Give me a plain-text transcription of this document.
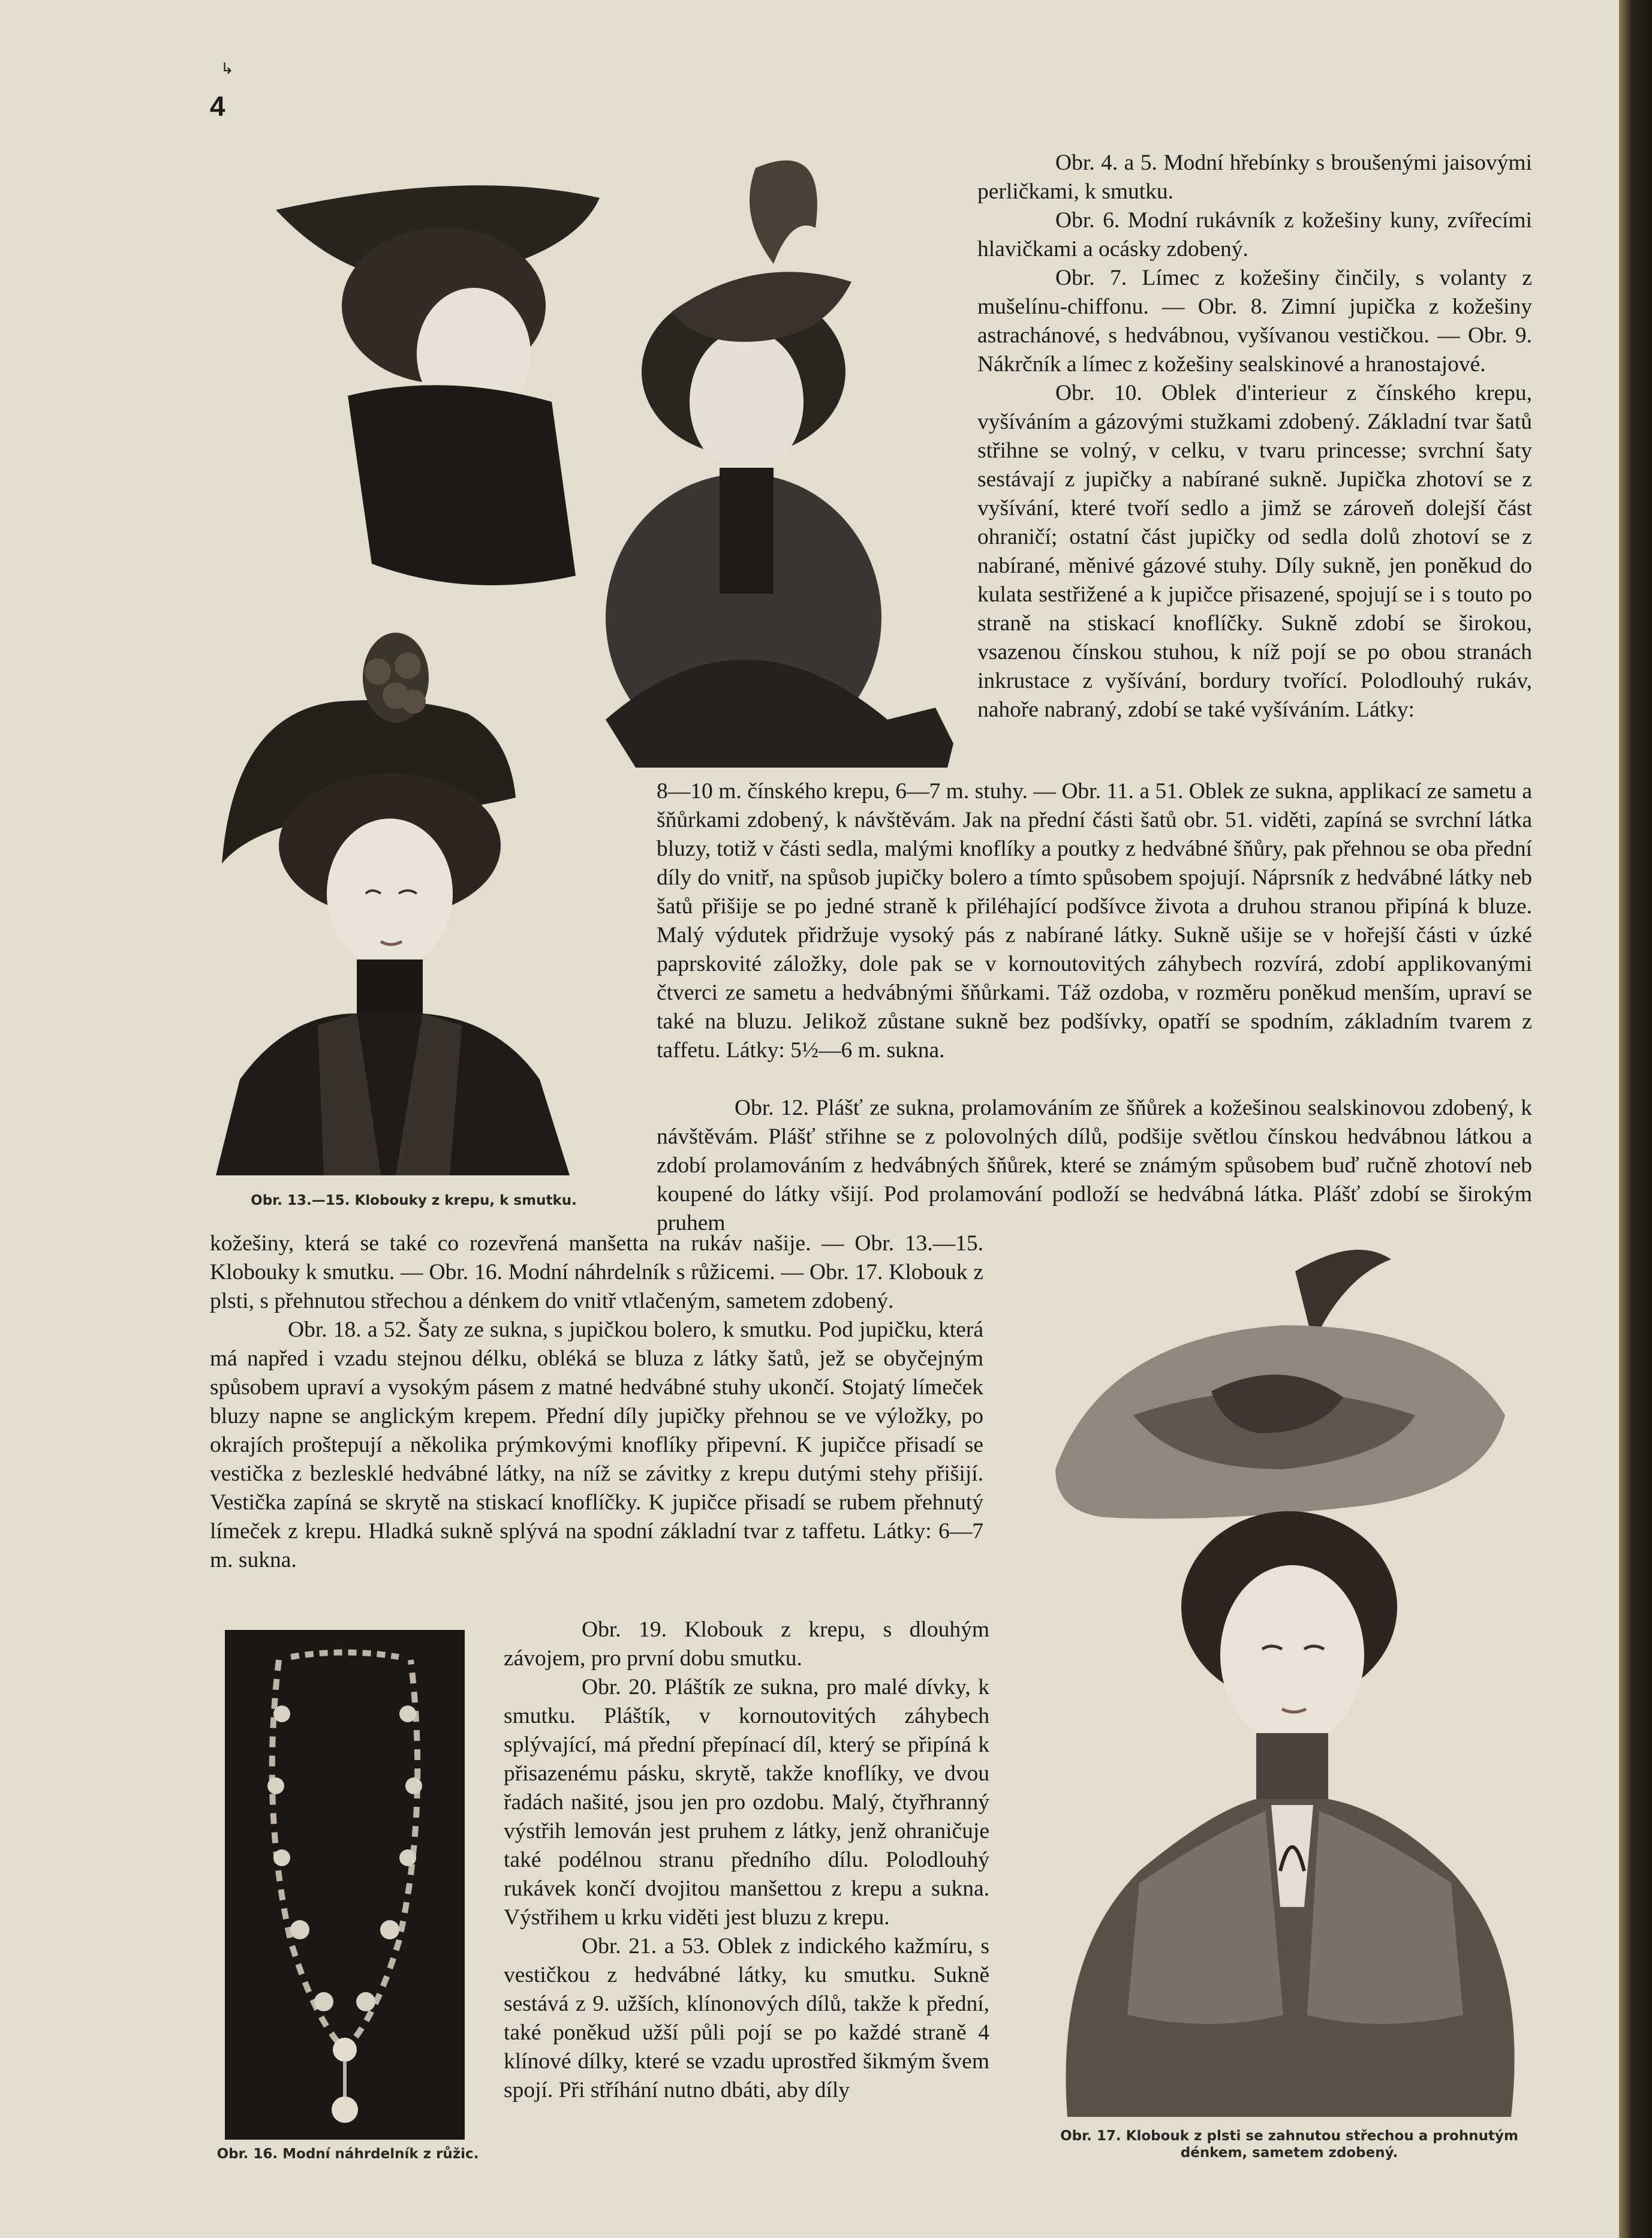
↳
4
Obr. 13.—15. Klobouky z krepu, k smutku.

Obr. 4. a 5. Modní hřebínky s broušenými jaisovými perličkami, k smutku.

Obr. 6. Modní rukávník z kožešiny kuny, zvířecími hlavičkami a ocásky zdobený.

Obr. 7. Límec z kožešiny činčily, s volanty z mušelínu-chiffonu. — Obr. 8. Zimní jupička z kožešiny astrachánové, s hedvábnou, vyšívanou vestičkou. — Obr. 9. Nákrčník a límec z kožešiny sealskinové a hranostajové.

Obr. 10. Oblek d'interieur z čínského krepu, vyšíváním a gázovými stužkami zdobený. Základní tvar šatů střihne se volný, v celku, v tvaru princesse; svrchní šaty sestávají z jupičky a nabírané sukně. Jupička zhotoví se z vyšívání, které tvoří sedlo a jimž se zároveň dolejší část ohraničí; ostatní část jupičky od sedla dolů zhotoví se z nabírané, měnivé gázové stuhy. Díly sukně, jen poněkud do kulata sestřižené a k jupičce přisazené, spojují se i s touto po straně na stiskací knoflíčky. Sukně zdobí se širokou, vsazenou čínskou stuhou, k níž pojí se po obou stranách inkrustace z vyšívání, bordury tvořící. Polodlouhý rukáv, nahoře nabraný, zdobí se také vyšíváním. Látky:

8—10 m. čínského krepu, 6—7 m. stuhy. — Obr. 11. a 51. Oblek ze sukna, applikací ze sametu a šňůrkami zdobený, k návštěvám. Jak na přední části šatů obr. 51. viděti, zapíná se svrchní látka bluzy, totiž v části sedla, malými knoflíky a poutky z hedvábné šňůry, pak přehnou se oba přední díly do vnitř, na spůsob jupičky bolero a tímto spůsobem spojují. Náprsník z hedvábné látky neb šatů přišije se po jedné straně k přiléhající podšívce života a druhou stranou připíná k bluze. Malý výdutek přidržuje vysoký pás z nabírané látky. Sukně ušije se v hořejší části v úzké paprskovité záložky, dole pak se v kornoutovitých záhybech rozvírá, zdobí applikovanými čtverci ze sametu a hedvábnými šňůrkami. Táž ozdoba, v rozměru poněkud menším, upraví se také na bluzu. Jelikož zůstane sukně bez podšívky, opatří se spodním, základním tvarem z taffetu. Látky: 5½—6 m. sukna.

Obr. 12. Plášť ze sukna, prolamováním ze šňůrek a kožešinou sealskinovou zdobený, k návštěvám. Plášť střihne se z polovolných dílů, podšije světlou čínskou hedvábnou látkou a zdobí prolamováním z hedvábných šňůrek, které se známým spůsobem buď ručně zhotoví neb koupené do látky všijí. Pod prolamování podloží se hedvábná látka. Plášť zdobí se širokým pruhem

kožešiny, která se také co rozevřená manšetta na rukáv našije. — Obr. 13.—15. Klobouky k smutku. — Obr. 16. Modní náhrdelník s růžicemi. — Obr. 17. Klobouk z plsti, s přehnutou střechou a dénkem do vnitř vtlačeným, sametem zdobený.

Obr. 18. a 52. Šaty ze sukna, s jupičkou bolero, k smutku. Pod jupičku, která má napřed i vzadu stejnou délku, obléká se bluza z látky šatů, jež se obyčejným spůsobem upraví a vysokým pásem z matné hedvábné stuhy ukončí. Stojatý límeček bluzy napne se anglickým krepem. Přední díly jupičky přehnou se ve výložky, po okrajích proštepují a několika prýmkovými knoflíky připevní. K jupičce přisadí se vestička z bezlesklé hedvábné látky, na níž se závitky z krepu dutými stehy přišijí. Vestička zapíná se skrytě na stiskací knoflíčky. K jupičce přisadí se rubem přehnutý límeček z krepu. Hladká sukně splývá na spodní základní tvar z taffetu. Látky: 6—7 m. sukna.

Obr. 16. Modní náhrdelník z růžic.

Obr. 19. Klobouk z krepu, s dlouhým závojem, pro první dobu smutku.

Obr. 20. Pláštík ze sukna, pro malé dívky, k smutku. Pláštík, v kornoutovitých záhybech splývající, má přední přepínací díl, který se připíná k přisazenému pásku, skrytě, takže knoflíky, ve dvou řadách našité, jsou jen pro ozdobu. Malý, čtyřhranný výstřih lemován jest pruhem z látky, jenž ohraničuje také podélnou stranu předního dílu. Polodlouhý rukávek končí dvojitou manšettou z krepu a sukna. Výstřihem u krku viděti jest bluzu z krepu.

Obr. 21. a 53. Oblek z indického kažmíru, s vestičkou z hedvábné látky, ku smutku. Sukně sestává z 9. užších, klínonových dílů, takže k přední, také poněkud užší půli pojí se po každé straně 4 klínové dílky, které se vzadu uprostřed šikmým švem spojí. Při stříhání nutno dbáti, aby díly

Obr. 17. Klobouk z plsti se zahnutou střechou a prohnutým dénkem, sametem zdobený.
